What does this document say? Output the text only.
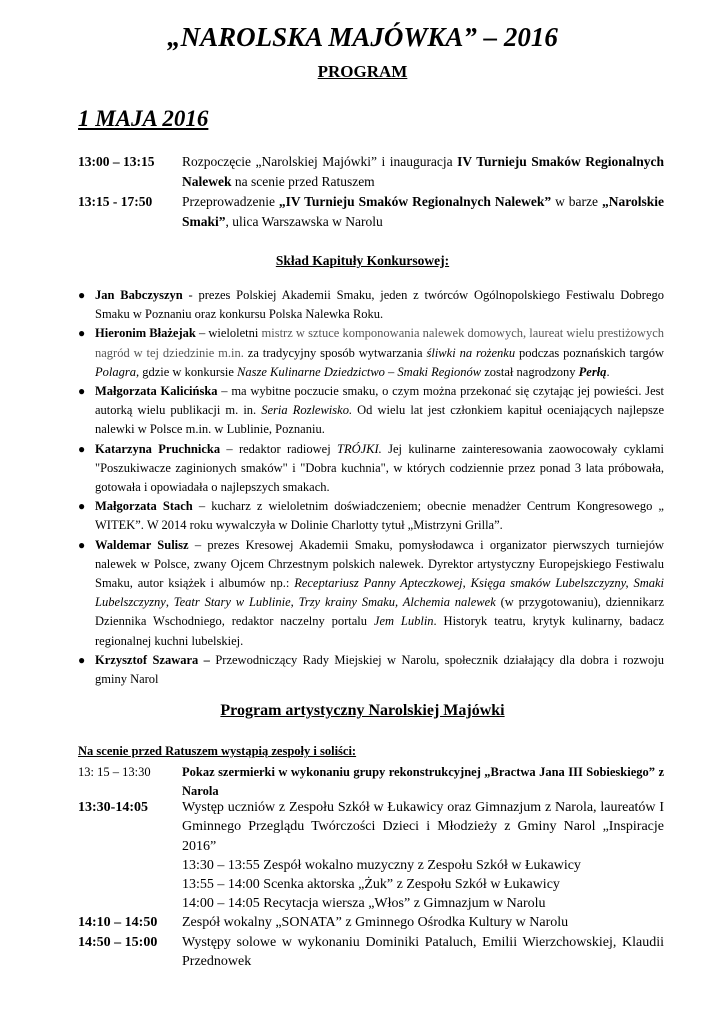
„NAROLSKA MAJÓWKA” – 2016
PROGRAM
1 MAJA 2016
13:00 – 13:15	Rozpoczęcie „Narolskiej Majówki” i inauguracja IV Turnieju Smaków Regionalnych Nalewek na scenie przed Ratuszem
13:15 - 17:50	Przeprowadzenie „IV Turnieju Smaków Regionalnych Nalewek” w barze „Narolskie Smaki”, ulica Warszawska w Narolu
Skład Kapituły Konkursowej:
● Jan Babczyszyn - prezes Polskiej Akademii Smaku, jeden z twórców Ogólnopolskiego Festiwalu Dobrego Smaku w Poznaniu oraz konkursu Polska Nalewka Roku.
● Hieronim Błażejak – wieloletni mistrz w sztuce komponowania nalewek domowych, laureat wielu prestiżowych nagród w tej dziedzinie m.in. za tradycyjny sposób wytwarzania śliwki na rożenku podczas poznańskich targów Polagra, gdzie w konkursie Nasze Kulinarne Dziedzictwo – Smaki Regionów został nagrodzony Perłą.
● Małgorzata Kalicińska – ma wybitne poczucie smaku, o czym można przekonać się czytając jej powieści. Jest autorką wielu publikacji m. in. Seria Rozlewisko. Od wielu lat jest członkiem kapituł oceniających najlepsze nalewki w Polsce m.in. w Lublinie, Poznaniu.
● Katarzyna Pruchnicka – redaktor radiowej TRÓJKI. Jej kulinarne zainteresowania zaowocowały cyklami "Poszukiwacze zaginionych smaków" i "Dobra kuchnia", w których codziennie przez ponad 3 lata próbowała, gotowała i opowiadała o najlepszych smakach.
● Małgorzata Stach – kucharz z wieloletnim doświadczeniem; obecnie menadżer Centrum Kongresowego „ WITEK”. W 2014 roku wywalczyła w Dolinie Charlotty tytuł „Mistrzyni Grilla”.
● Waldemar Sulisz – prezes Kresowej Akademii Smaku, pomysłodawca i organizator pierwszych turniejów nalewek w Polsce, zwany Ojcem Chrzestnym polskich nalewek. Dyrektor artystyczny Europejskiego Festiwalu Smaku, autor książek i albumów np.: Receptariusz Panny Apteczkowej, Księga smaków Lubelszczyzny, Smaki Lubelszczyzny, Teatr Stary w Lublinie, Trzy krainy Smaku, Alchemia nalewek (w przygotowaniu), dziennikarz Dziennika Wschodniego, redaktor naczelny portalu Jem Lublin. Historyk teatru, krytyk kulinarny, badacz regionalnej kuchni lubelskiej.
● Krzysztof Szawara – Przewodniczący Rady Miejskiej w Narolu, społecznik działający dla dobra i rozwoju gminy Narol
Program artystyczny Narolskiej Majówki
Na scenie przed Ratuszem wystąpią zespoły i soliści:
13: 15 – 13:30	Pokaz szermierki w wykonaniu grupy rekonstrukcyjnej „Bractwa Jana III Sobieskiego” z Narola
13:30-14:05	Występ uczniów z Zespołu Szkół w Łukawicy oraz Gimnazjum z Narola, laureatów I Gminnego Przeglądu Twórczości Dzieci i Młodzieży z Gminy Narol „Inspiracje 2016”
13:30 – 13:55 Zespół wokalno muzyczny z Zespołu Szkół w Łukawicy
13:55 – 14:00 Scenka aktorska „Żuk” z Zespołu Szkół w Łukawicy
14:00 – 14:05 Recytacja wiersza „Włos” z Gimnazjum w Narolu
14:10 – 14:50	Zespół wokalny „SONATA” z Gminnego Ośrodka Kultury w Narolu
14:50 – 15:00	Występy solowe w wykonaniu Dominiki Pataluch, Emilii Wierzchowskiej, Klaudii Przednowek
